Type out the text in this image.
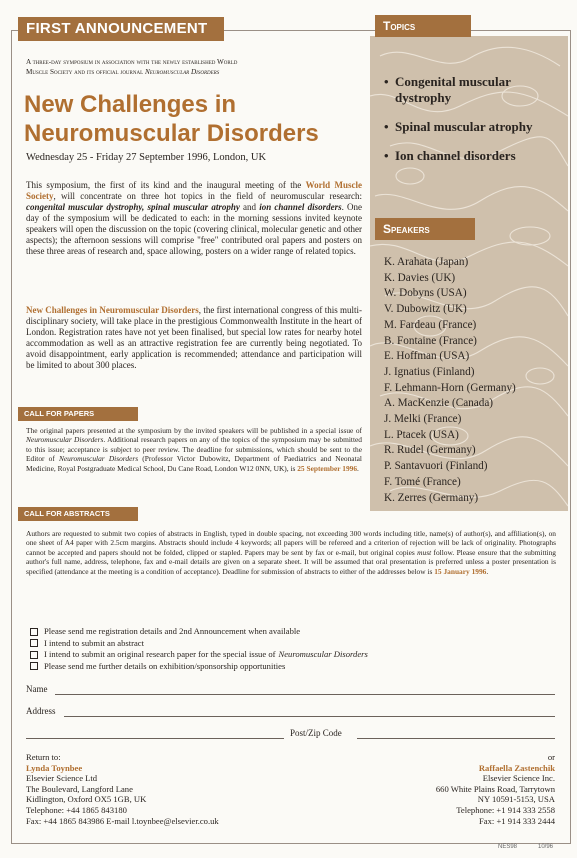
FIRST ANNOUNCEMENT	Topics
Speakers
A three-day symposium in association with the newly established World
Muscle Society and its official journal Neuromuscular Disorders
New Challenges in
Neuromuscular Disorders
Wednesday 25 - Friday 27 September 1996, London, UK
This symposium, the first of its kind and the inaugural meeting of the World Muscle Society, will concentrate on three hot topics in the field of neuromuscular research: congenital muscular dystrophy, spinal muscular atrophy and ion channel disorders. One day of the symposium will be dedicated to each: in the morning sessions invited keynote speakers will open the discussion on the topic (covering clinical, molecular genetic and other aspects); the afternoon sessions will comprise "free" contributed oral papers and posters on these three areas of research and, space allowing, posters on a wider range of related topics.
New Challenges in Neuromuscular Disorders, the first international congress of this multi-disciplinary society, will take place in the prestigious Commonwealth Institute in the heart of London. Registration rates have not yet been finalised, but special low rates for nearby hotel accommodation as well as an attractive registration fee are currently being negotiated. To avoid disappointment, early application is recommended; attendance and participation will be limited to about 300 places.
CALL FOR PAPERS
The original papers presented at the symposium by the invited speakers will be published in a special issue of Neuromuscular Disorders. Additional research papers on any of the topics of the symposium may be submitted to this issue; acceptance is subject to peer review. The deadline for submissions, which should be sent to the Editor of Neuromuscular Disorders (Professor Victor Dubowitz, Department of Paediatrics and Neonatal Medicine, Royal Postgraduate Medical School, Du Cane Road, London W12 0NN, UK), is 25 September 1996.
CALL FOR ABSTRACTS
Authors are requested to submit two copies of abstracts in English, typed in double spacing, not exceeding 300 words including title, name(s) of author(s), and affiliation(s), on one sheet of A4 paper with 2.5cm margins. Abstracts should include 4 keywords; all papers will be refereed and a criterion of rejection will be lack of originality. Photographs cannot be accepted and papers should not be folded, clipped or stapled. Papers may be sent by fax or e-mail, but original copies must follow. Please ensure that the submitting author's full name, address, telephone, fax and e-mail details are given on a separate sheet. It will be assumed that oral presentation is preferred unless a poster presentation is specified (attendance at the meeting is a condition of acceptance). Deadline for submission of abstracts to either of the addresses below is 15 January 1996.
• Congenital muscular dystrophy
• Spinal muscular atrophy
• Ion channel disorders
K. Arahata (Japan)
K. Davies (UK)
W. Dobyns (USA)
V. Dubowitz (UK)
M. Fardeau (France)
B. Fontaine (France)
E. Hoffman (USA)
J. Ignatius (Finland)
F. Lehmann-Horn (Germany)
A. MacKenzie (Canada)
J. Melki (France)
L. Ptacek (USA)
R. Rudel (Germany)
P. Santavuori (Finland)
F. Tomé (France)
K. Zerres (Germany)
Please send me registration details and 2nd Announcement when available
I intend to submit an abstract
I intend to submit an original research paper for the special issue of Neuromuscular Disorders
Please send me further details on exhibition/sponsorship opportunities
Name
Address
Post/Zip Code
Return to:
Lynda Toynbee
Elsevier Science Ltd
The Boulevard, Langford Lane
Kidlington, Oxford OX5 1GB, UK
Telephone: +44 1865 843180
Fax: +44 1865 843986 E-mail l.toynbee@elsevier.co.uk
or
Raffaella Zastenchik
Elsevier Science Inc.
660 White Plains Road, Tarrytown
NY 10591-5153, USA
Telephone: +1 914 333 2558
Fax: +1 914 333 2444
NES98	10/96
